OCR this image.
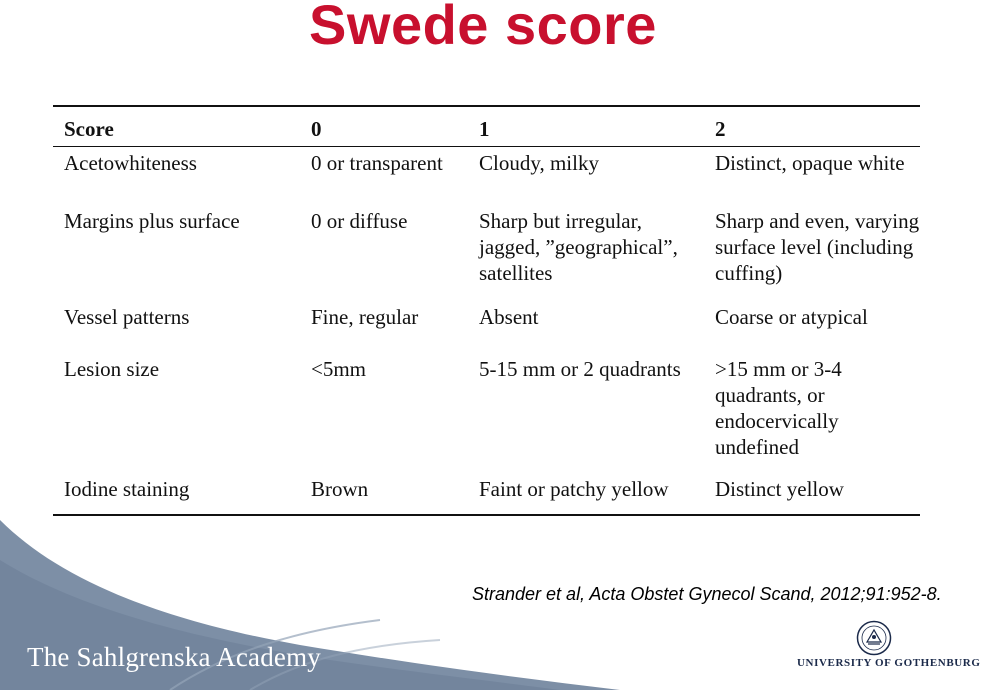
Swede score
Score	0	1	2
Acetowhiteness	0 or transparent	Cloudy, milky	Distinct, opaque white
Margins plus surface	0 or diffuse	Sharp but irregular, jagged, ”geographical”, satellites	Sharp and even, varying surface level (including cuffing)
Vessel patterns	Fine, regular	Absent	Coarse or atypical
Lesion size	<5mm	5-15 mm or 2 quadrants	>15 mm or 3-4 quadrants, or endocervically undefined
Iodine staining	Brown	Faint or patchy yellow	Distinct yellow
Strander et al, Acta Obstet Gynecol Scand, 2012;91:952-8.
The Sahlgrenska Academy	UNIVERSITY OF GOTHENBURG
